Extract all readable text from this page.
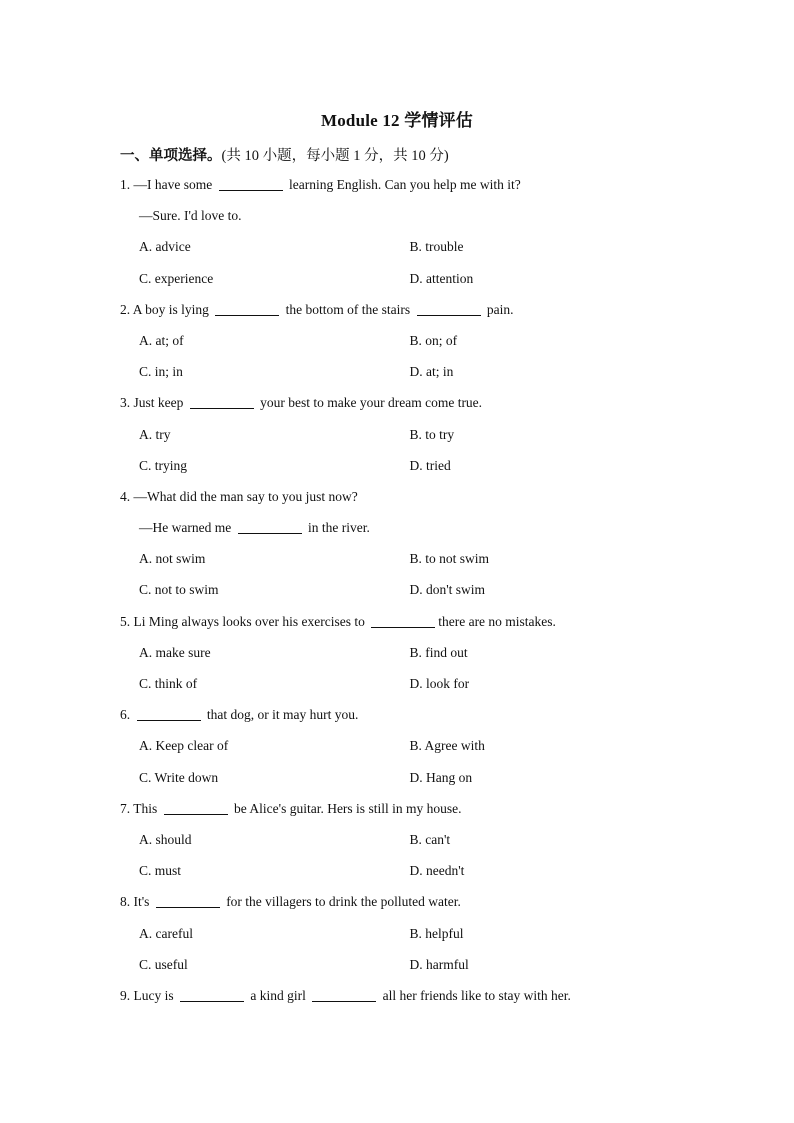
Module 12 学情评估
一、单项选择。(共 10 小题，每小题 1 分，共 10 分)
1. —I have some	learning English. Can you help me with it?
—Sure. I'd love to.
A. advice	B. trouble
C. experience	D. attention
2. A boy is lying	the bottom of the stairs	pain.
A. at; of	B. on; of
C. in; in	D. at; in
3. Just keep	your best to make your dream come true.
A. try	B. to try
C. trying	D. tried
4. —What did the man say to you just now?
—He warned me	in the river.
A. not swim	B. to not swim
C. not to swim	D. don't swim
5. Li Ming always looks over his exercises to	there are no mistakes.
A. make sure	B. find out
C. think of	D. look for
6.	that dog, or it may hurt you.
A. Keep clear of	B. Agree with
C. Write down	D. Hang on
7. This	be Alice's guitar. Hers is still in my house.
A. should	B. can't
C. must	D. needn't
8. It's	for the villagers to drink the polluted water.
A. careful	B. helpful
C. useful	D. harmful
9. Lucy is	a kind girl	all her friends like to stay with her.
